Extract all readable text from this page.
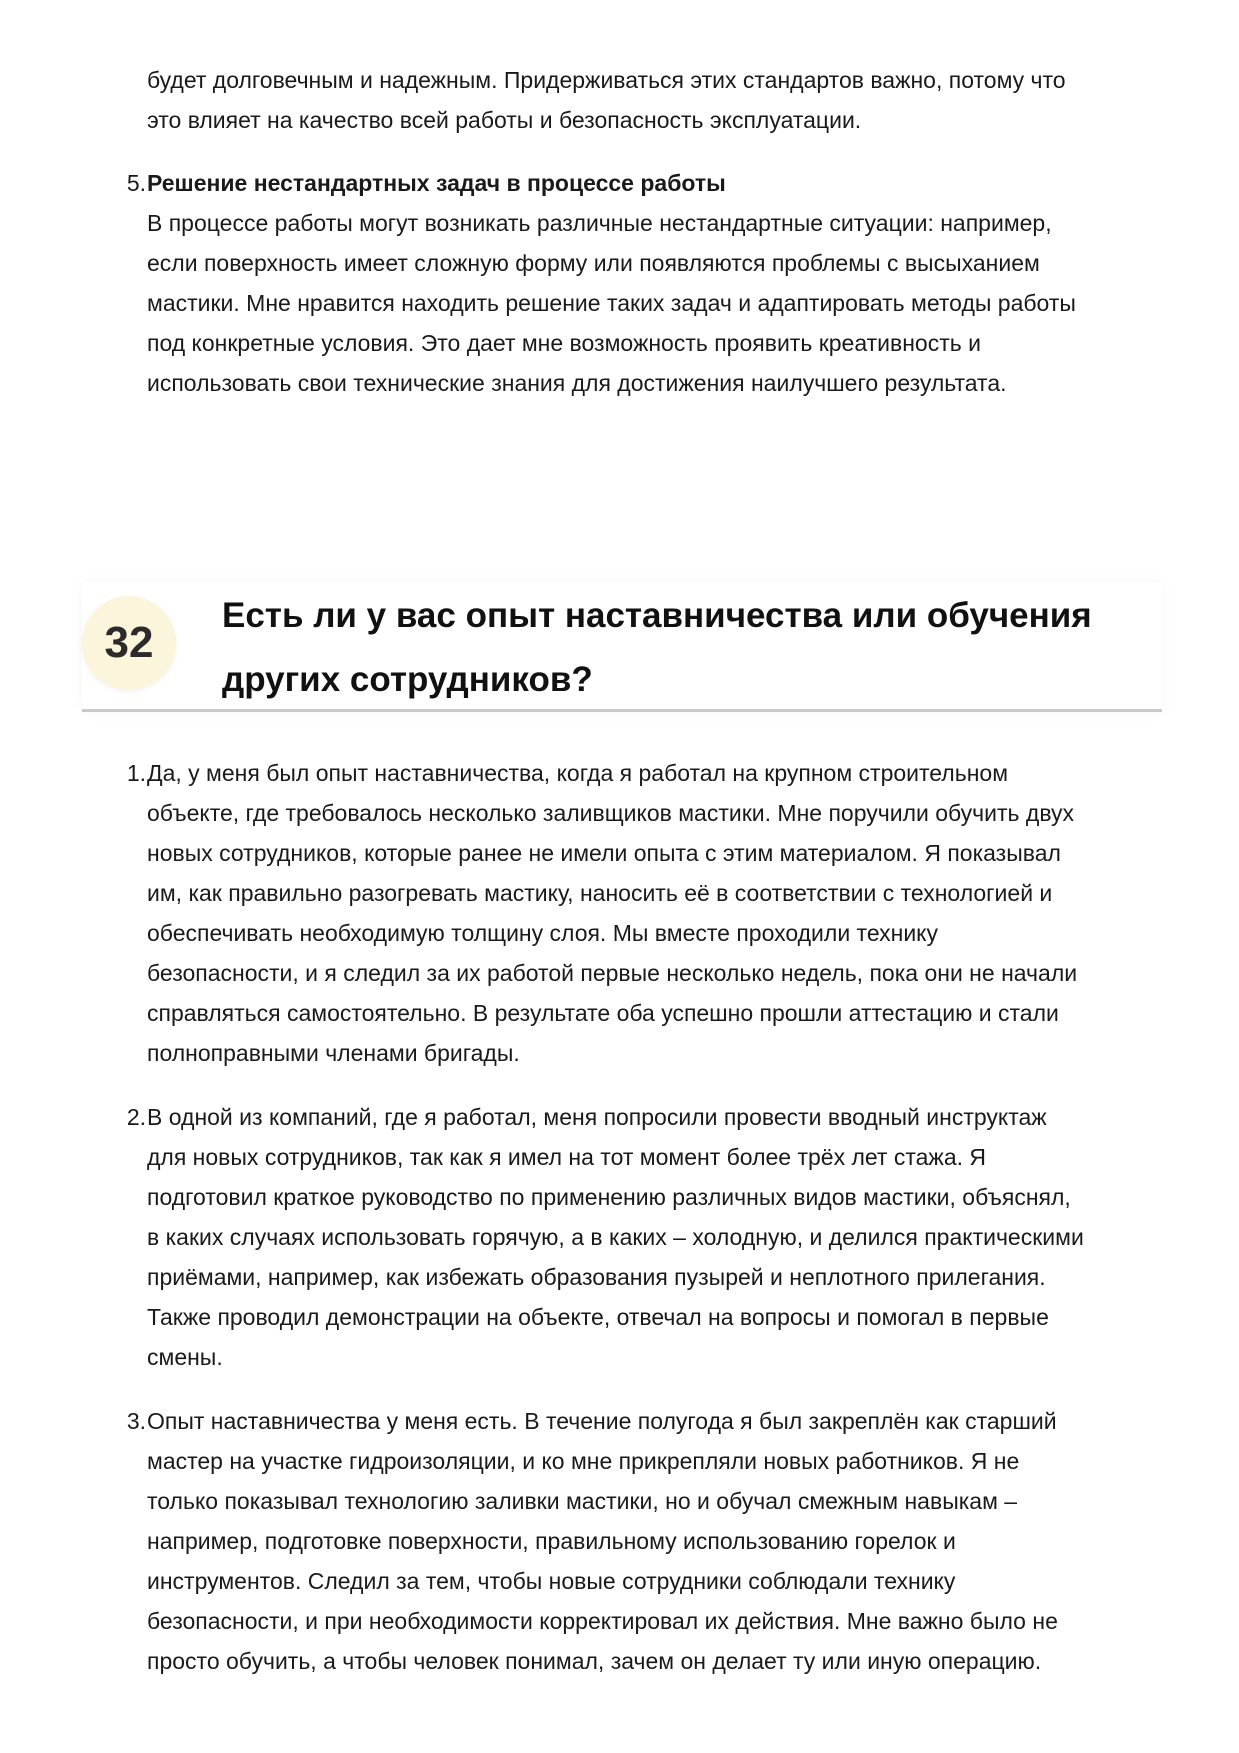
будет долговечным и надежным. Придерживаться этих стандартов важно, потому что
это влияет на качество всей работы и безопасность эксплуатации.
5. Решение нестандартных задач в процессе работы
В процессе работы могут возникать различные нестандартные ситуации: например,
если поверхность имеет сложную форму или появляются проблемы с высыханием
мастики. Мне нравится находить решение таких задач и адаптировать методы работы
под конкретные условия. Это дает мне возможность проявить креативность и
использовать свои технические знания для достижения наилучшего результата.
32
Есть ли у вас опыт наставничества или обучения
других сотрудников?
1. Да, у меня был опыт наставничества, когда я работал на крупном строительном
объекте, где требовалось несколько заливщиков мастики. Мне поручили обучить двух
новых сотрудников, которые ранее не имели опыта с этим материалом. Я показывал
им, как правильно разогревать мастику, наносить её в соответствии с технологией и
обеспечивать необходимую толщину слоя. Мы вместе проходили технику
безопасности, и я следил за их работой первые несколько недель, пока они не начали
справляться самостоятельно. В результате оба успешно прошли аттестацию и стали
полноправными членами бригады.
2. В одной из компаний, где я работал, меня попросили провести вводный инструктаж
для новых сотрудников, так как я имел на тот момент более трёх лет стажа. Я
подготовил краткое руководство по применению различных видов мастики, объяснял,
в каких случаях использовать горячую, а в каких – холодную, и делился практическими
приёмами, например, как избежать образования пузырей и неплотного прилегания.
Также проводил демонстрации на объекте, отвечал на вопросы и помогал в первые
смены.
3. Опыт наставничества у меня есть. В течение полугода я был закреплён как старший
мастер на участке гидроизоляции, и ко мне прикрепляли новых работников. Я не
только показывал технологию заливки мастики, но и обучал смежным навыкам –
например, подготовке поверхности, правильному использованию горелок и
инструментов. Следил за тем, чтобы новые сотрудники соблюдали технику
безопасности, и при необходимости корректировал их действия. Мне важно было не
просто обучить, а чтобы человек понимал, зачем он делает ту или иную операцию.
